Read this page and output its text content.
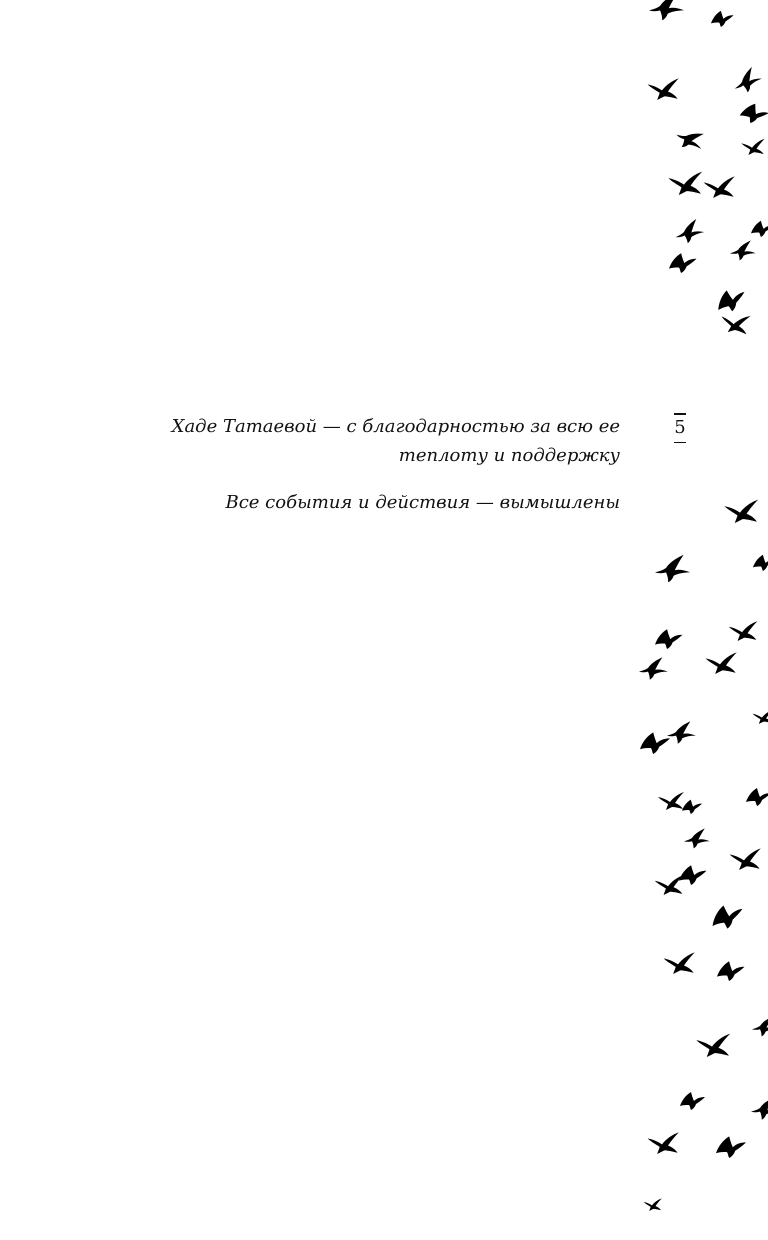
Хаде Татаевой — с благодарностью за всю ее

теплоту и поддержку

Все события и действия — вымышлены

5
